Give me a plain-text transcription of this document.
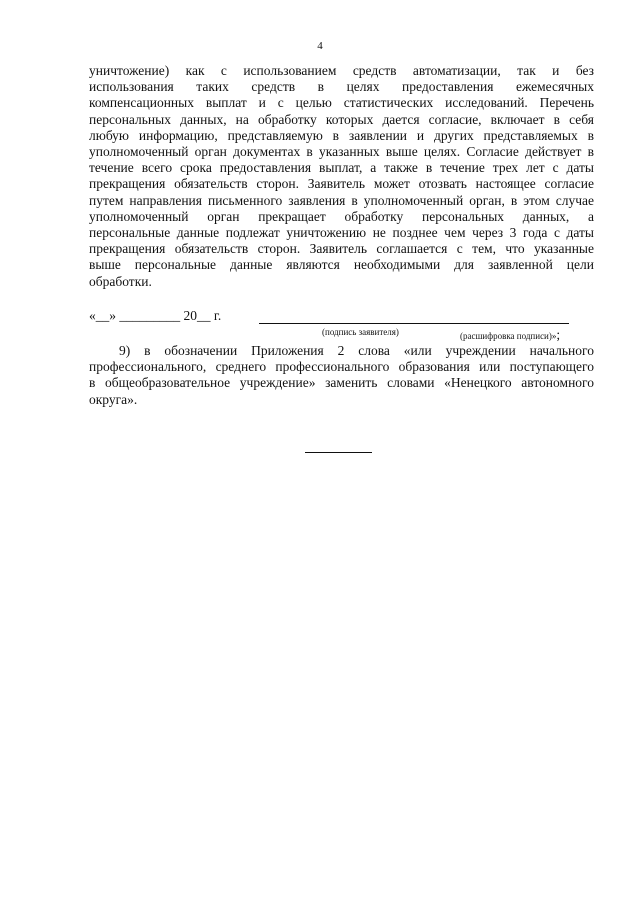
4
уничтожение) как с использованием средств автоматизации, так и без
использования таких средств в целях предоставления ежемесячных
компенсационных выплат и с целью статистических исследований. Перечень
персональных данных, на обработку которых дается согласие, включает в себя
любую информацию, представляемую в заявлении и других представляемых в
уполномоченный орган документах в указанных выше целях. Согласие действует в
течение всего срока предоставления выплат, а также в течение трех лет с даты
прекращения обязательств сторон. Заявитель может отозвать настоящее согласие
путем направления письменного заявления в уполномоченный орган, в этом случае
уполномоченный орган прекращает обработку персональных данных, а
персональные данные подлежат уничтожению не позднее чем через 3 года с даты
прекращения обязательств сторон. Заявитель соглашается с тем, что указанные
выше персональные данные являются необходимыми для заявленной цели
обработки.
«__» _________ 20__ г.
(подпись заявителя)	(расшифровка подписи)»;
9) в обозначении Приложения 2 слова «или учреждении начального
профессионального, среднего профессионального образования или поступающего
в общеобразовательное учреждение» заменить словами «Ненецкого автономного
округа».
